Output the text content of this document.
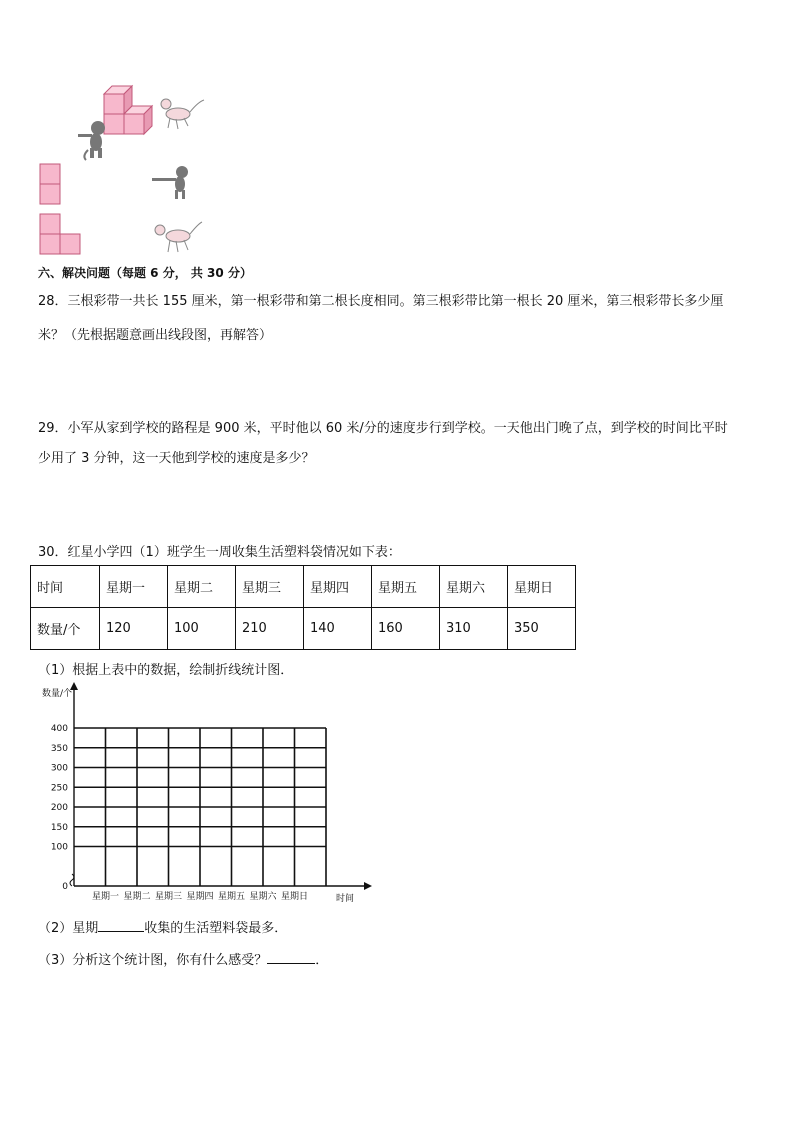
六、解决问题（每题 6 分， 共 30 分）
28．三根彩带一共长 155 厘米，第一根彩带和第二根长度相同。第三根彩带比第一根长 20 厘米，第三根彩带长多少厘
米？（先根据题意画出线段图，再解答）
29．小军从家到学校的路程是 900 米，平时他以 60 米/分的速度步行到学校。一天他出门晚了点，到学校的时间比平时
少用了 3 分钟，这一天他到学校的速度是多少？
30．红星小学四（1）班学生一周收集生活塑料袋情况如下表：
时间	星期一	星期二	星期三	星期四	星期五	星期六	星期日
数量/个	120	100	210	140	160	310	350
（1）根据上表中的数据，绘制折线统计图．
0
100
150
200
250
300
350
400
数量/个
时间
星期一 星期二 星期三 星期四 星期五 星期六 星期日
（2）星期	收集的生活塑料袋最多．
（3）分析这个统计图，你有什么感受？	．
